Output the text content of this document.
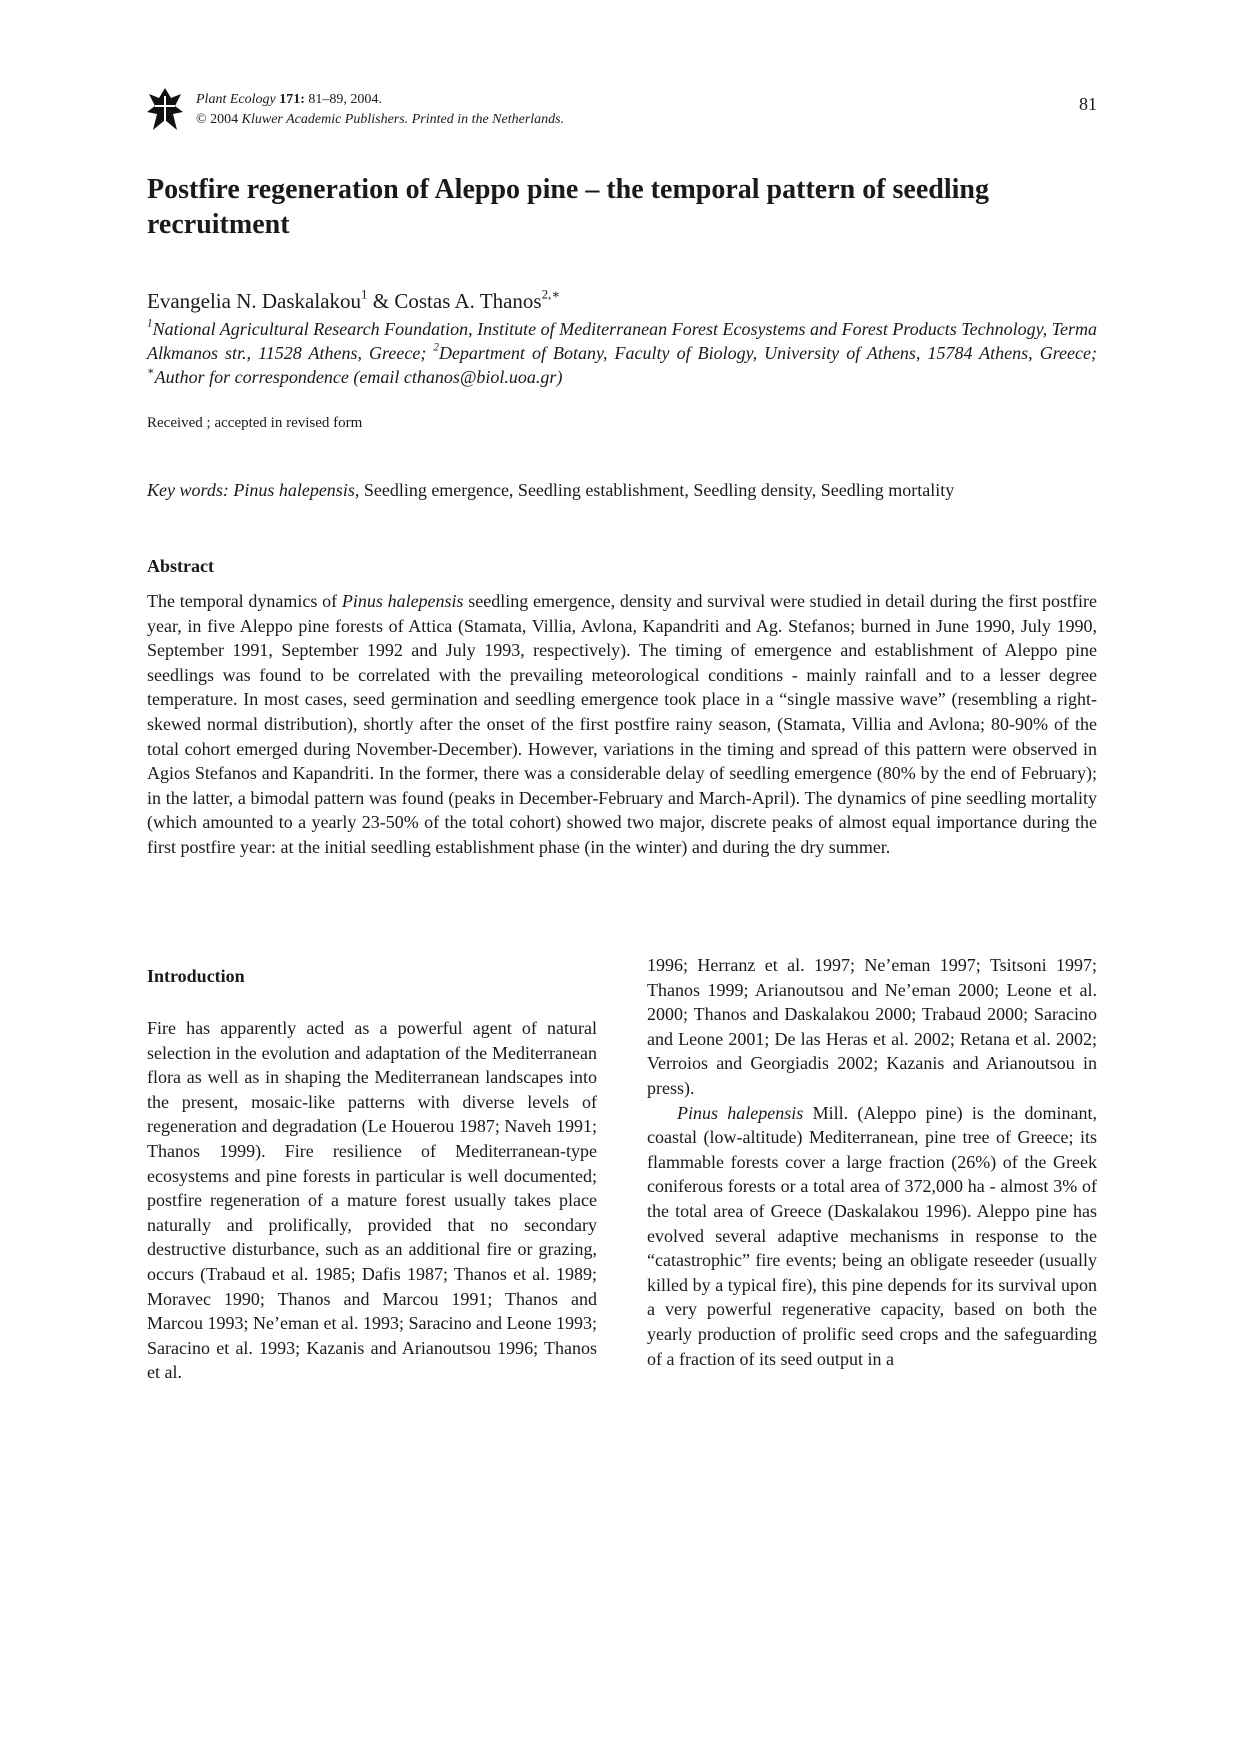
Plant Ecology 171: 81–89, 2004.
© 2004 Kluwer Academic Publishers. Printed in the Netherlands.
81
Postfire regeneration of Aleppo pine – the temporal pattern of seedling recruitment
Evangelia N. Daskalakou$^1$ & Costas A. Thanos$^{2,∗}$
$^1$National Agricultural Research Foundation, Institute of Mediterranean Forest Ecosystems and Forest Products Technology, Terma Alkmanos str., 11528 Athens, Greece; $^2$Department of Botany, Faculty of Biology, University of Athens, 15784 Athens, Greece; ∗Author for correspondence (email cthanos@biol.uoa.gr)
Received ; accepted in revised form
Key words: Pinus halepensis, Seedling emergence, Seedling establishment, Seedling density, Seedling mortality
Abstract

The temporal dynamics of Pinus halepensis seedling emergence, density and survival were studied in detail during the first postfire year, in five Aleppo pine forests of Attica (Stamata, Villia, Avlona, Kapandriti and Ag. Stefanos; burned in June 1990, July 1990, September 1991, September 1992 and July 1993, respectively). The timing of emergence and establishment of Aleppo pine seedlings was found to be correlated with the prevailing meteorological conditions - mainly rainfall and to a lesser degree temperature. In most cases, seed germination and seedling emergence took place in a “single massive wave” (resembling a right-skewed normal distribution), shortly after the onset of the first postfire rainy season, (Stamata, Villia and Avlona; 80-90% of the total cohort emerged during November-December). However, variations in the timing and spread of this pattern were observed in Agios Stefanos and Kapandriti. In the former, there was a considerable delay of seedling emergence (80% by the end of February); in the latter, a bimodal pattern was found (peaks in December-February and March-April). The dynamics of pine seedling mortality (which amounted to a yearly 23-50% of the total cohort) showed two major, discrete peaks of almost equal importance during the first postfire year: at the initial seedling establishment phase (in the winter) and during the dry summer.

Introduction

Fire has apparently acted as a powerful agent of natural selection in the evolution and adaptation of the Mediterranean flora as well as in shaping the Mediterranean landscapes into the present, mosaic-like patterns with diverse levels of regeneration and degradation (Le Houerou 1987; Naveh 1991; Thanos 1999). Fire resilience of Mediterranean-type ecosystems and pine forests in particular is well documented; postfire regeneration of a mature forest usually takes place naturally and prolifically, provided that no secondary destructive disturbance, such as an additional fire or grazing, occurs (Trabaud et al. 1985; Dafis 1987; Thanos et al. 1989; Moravec 1990; Thanos and Marcou 1991; Thanos and Marcou 1993; Ne’eman et al. 1993; Saracino and Leone 1993; Saracino et al. 1993; Kazanis and Arianoutsou 1996; Thanos et al.

1996; Herranz et al. 1997; Ne’eman 1997; Tsitsoni 1997; Thanos 1999; Arianoutsou and Ne’eman 2000; Leone et al. 2000; Thanos and Daskalakou 2000; Trabaud 2000; Saracino and Leone 2001; De las Heras et al. 2002; Retana et al. 2002; Verroios and Georgiadis 2002; Kazanis and Arianoutsou in press).

Pinus halepensis Mill. (Aleppo pine) is the dominant, coastal (low-altitude) Mediterranean, pine tree of Greece; its flammable forests cover a large fraction (26%) of the Greek coniferous forests or a total area of 372,000 ha - almost 3% of the total area of Greece (Daskalakou 1996). Aleppo pine has evolved several adaptive mechanisms in response to the “catastrophic” fire events; being an obligate reseeder (usually killed by a typical fire), this pine depends for its survival upon a very powerful regenerative capacity, based on both the yearly production of prolific seed crops and the safeguarding of a fraction of its seed output in a
